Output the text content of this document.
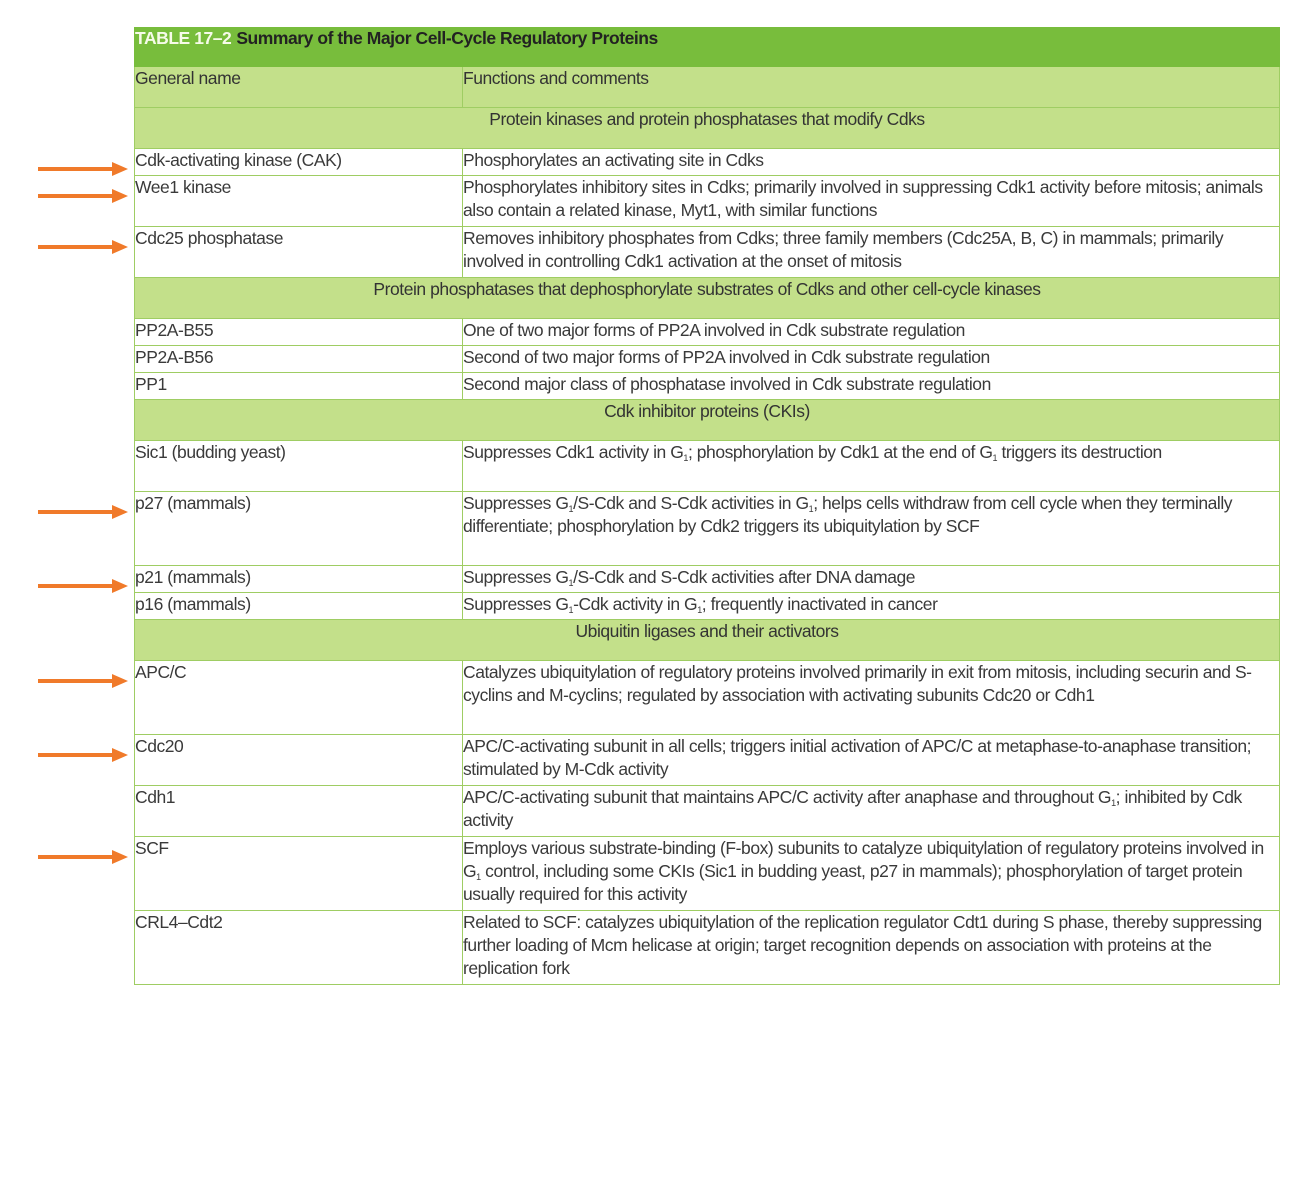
TABLE 17–2 Summary of the Major Cell-Cycle Regulatory Proteins	
General name	Functions and comments
Protein kinases and protein phosphatases that modify Cdks	
Cdk-activating kinase (CAK)	Phosphorylates an activating site in Cdks
Wee1 kinase	Phosphorylates inhibitory sites in Cdks; primarily involved in suppressing Cdk1 activity before mitosis; animals also contain a related kinase, Myt1, with similar functions
Cdc25 phosphatase	Removes inhibitory phosphates from Cdks; three family members (Cdc25A, B, C) in mammals; primarily involved in controlling Cdk1 activation at the onset of mitosis
Protein phosphatases that dephosphorylate substrates of Cdks and other cell-cycle kinases	
PP2A-B55	One of two major forms of PP2A involved in Cdk substrate regulation
PP2A-B56	Second of two major forms of PP2A involved in Cdk substrate regulation
PP1	Second major class of phosphatase involved in Cdk substrate regulation
Cdk inhibitor proteins (CKIs)	
Sic1 (budding yeast)	Suppresses Cdk1 activity in $G_1$; phosphorylation by Cdk1 at the end of $G_1$ triggers its destruction
p27 (mammals)	Suppresses $G_1/S$-Cdk and S-Cdk activities in $G_1$; helps cells withdraw from cell cycle when they terminally differentiate; phosphorylation by Cdk2 triggers its ubiquitylation by SCF
p21 (mammals)	Suppresses $G_1/S$-Cdk and S-Cdk activities after DNA damage
p16 (mammals)	Suppresses $G_1$-Cdk activity in $G_1$; frequently inactivated in cancer
Ubiquitin ligases and their activators	
APC/C	Catalyzes ubiquitylation of regulatory proteins involved primarily in exit from mitosis, including securin and S-cyclins and M-cyclins; regulated by association with activating subunits Cdc20 or Cdh1
Cdc20	APC/C-activating subunit in all cells; triggers initial activation of APC/C at metaphase-to-anaphase transition; stimulated by M-Cdk activity
Cdh1	APC/C-activating subunit that maintains APC/C activity after anaphase and throughout $G_1$; inhibited by Cdk activity
SCF	Employs various substrate-binding (F-box) subunits to catalyze ubiquitylation of regulatory proteins involved in $G_1$ control, including some CKIs (Sic1 in budding yeast, p27 in mammals); phosphorylation of target protein usually required for this activity
CRL4–Cdt2	Related to SCF: catalyzes ubiquitylation of the replication regulator Cdt1 during S phase, thereby suppressing further loading of Mcm helicase at origin; target recognition depends on association with proteins at the replication fork
